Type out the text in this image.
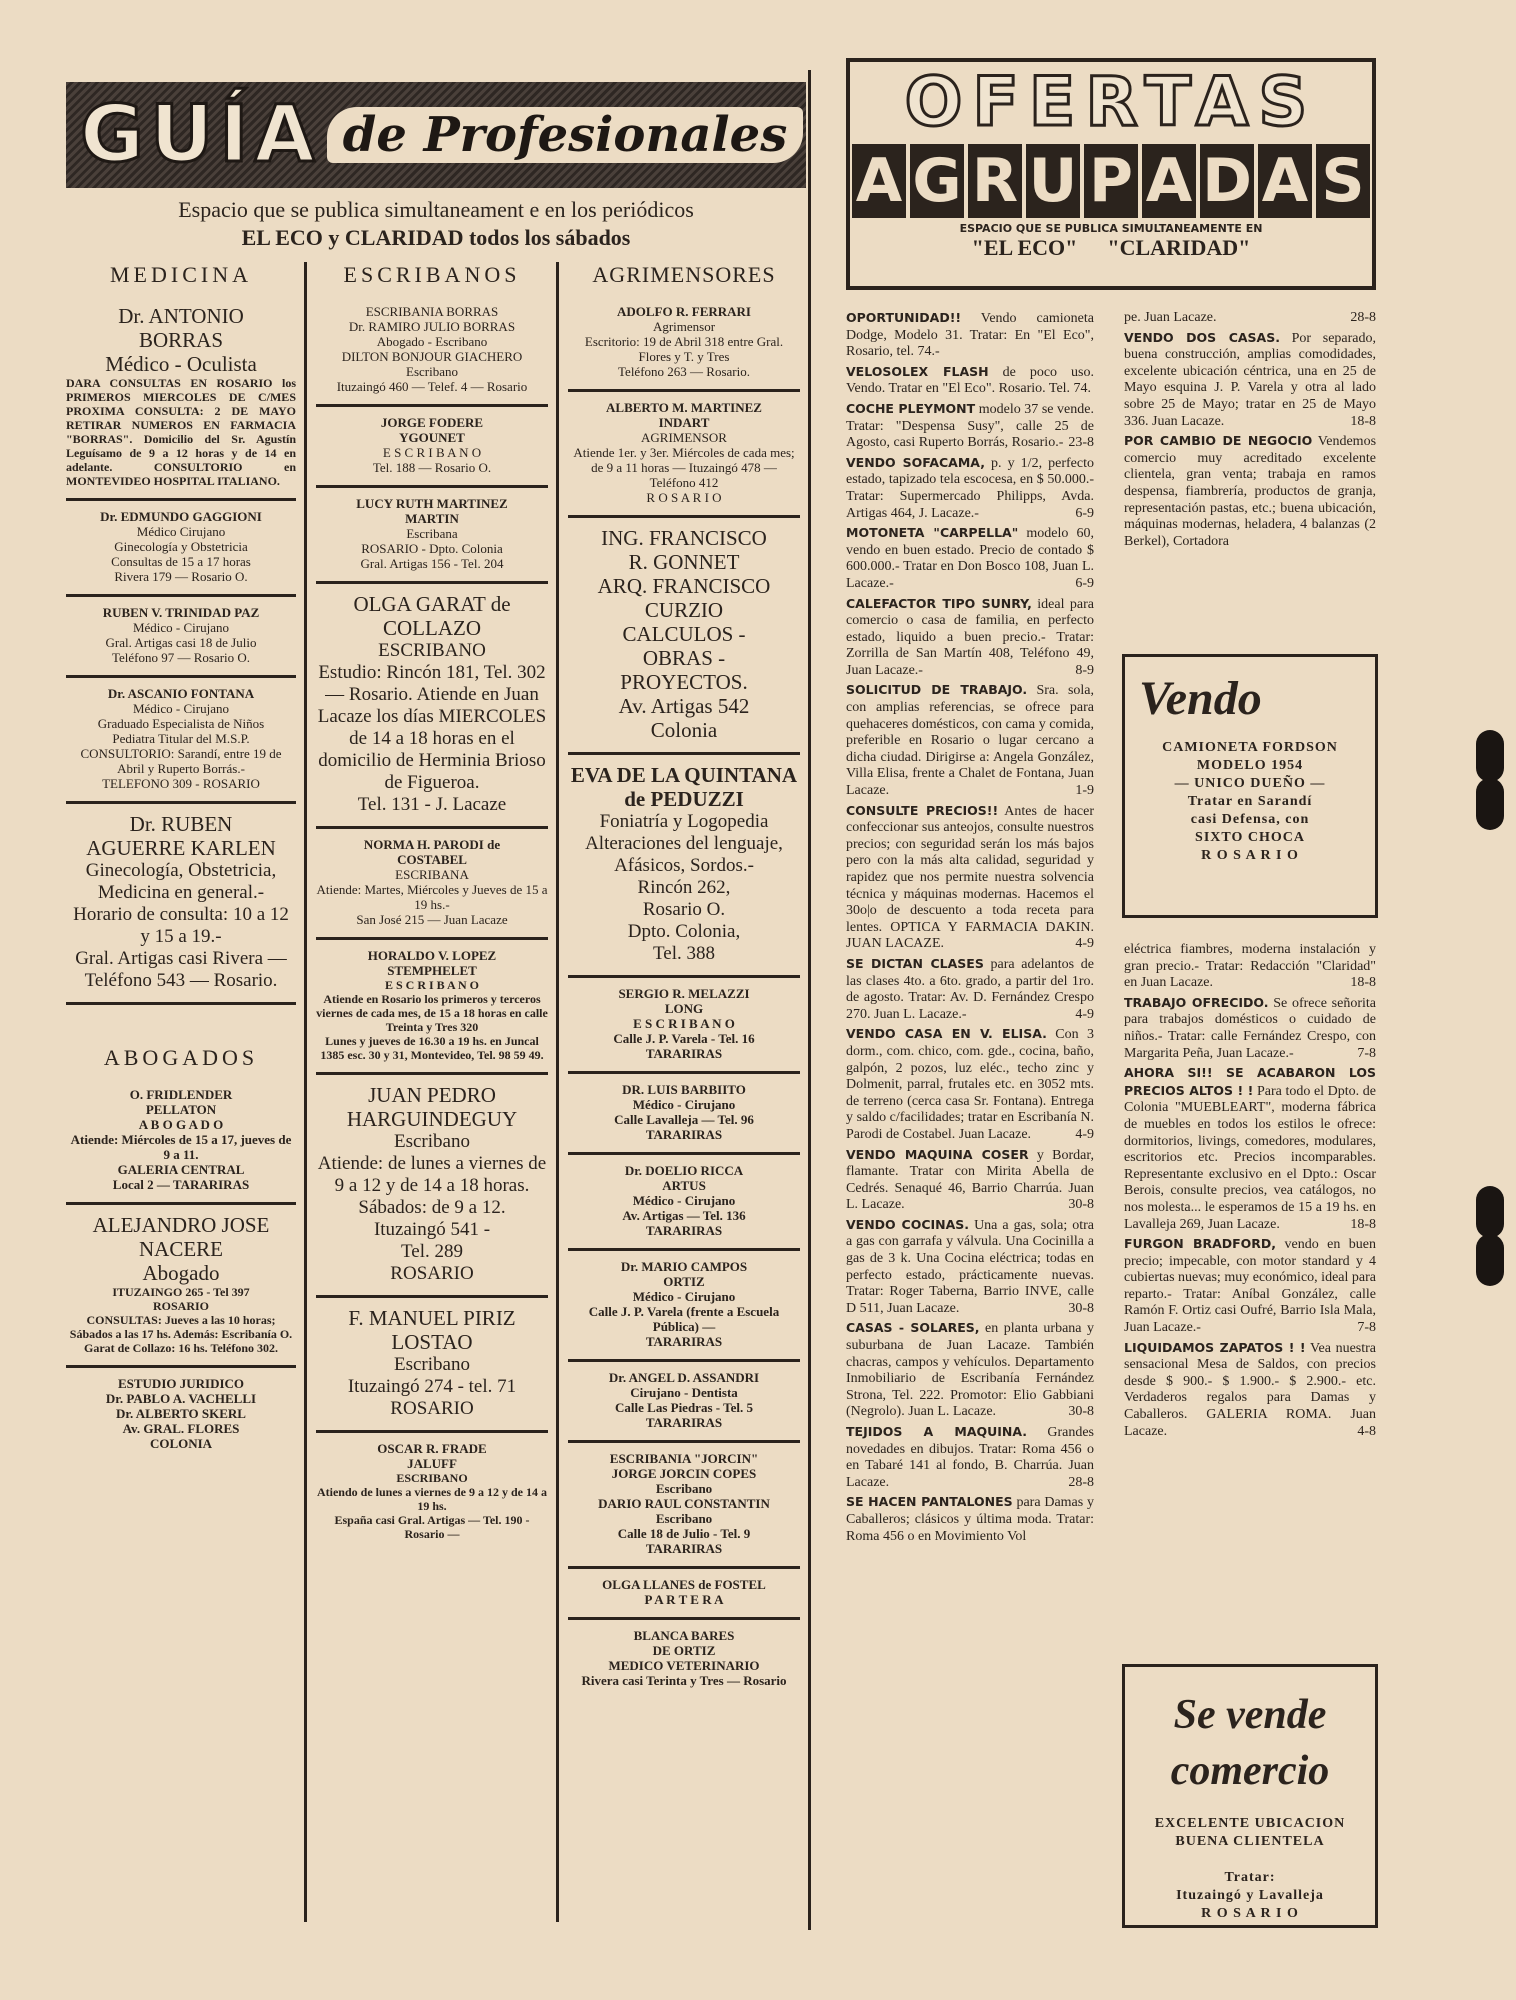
GUÍA de Profesionales
Espacio que se publica simultaneament e en los periódicos
EL ECO y CLARIDAD todos los sábados
MEDICINA

Dr. ANTONIO
BORRAS

Médico - Oculista

DARA CONSULTAS EN ROSARIO los PRIMEROS MIERCOLES DE C/MES PROXIMA CONSULTA: 2 DE MAYO RETIRAR NUMEROS EN FARMACIA "BORRAS". Domicilio del Sr. Agustín Leguísamo de 9 a 12 horas y de 14 en adelante. CONSULTORIO en MONTEVIDEO HOSPITAL ITALIANO.

Dr. EDMUNDO GAGGIONI

Médico Cirujano
Ginecología y Obstetricia
Consultas de 15 a 17 horas
Rivera 179 — Rosario O.

RUBEN V. TRINIDAD PAZ

Médico - Cirujano
Gral. Artigas casi 18 de Julio
Teléfono 97 — Rosario O.

Dr. ASCANIO FONTANA

Médico - Cirujano
Graduado Especialista de Niños
Pediatra Titular del M.S.P.
CONSULTORIO: Sarandí, entre 19 de Abril y Ruperto Borrás.-
TELEFONO 309 - ROSARIO

Dr. RUBEN
AGUERRE KARLEN

Ginecología, Obstetricia, Medicina en general.-
Horario de consulta: 10 a 12 y 15 a 19.-
Gral. Artigas casi Rivera — Teléfono 543 — Rosario.

ABOGADOS

O. FRIDLENDER
PELLATON

A B O G A D O
Atiende: Miércoles de 15 a 17, jueves de 9 a 11.
GALERIA CENTRAL
Local 2 — TARARIRAS

ALEJANDRO JOSE
NACERE

Abogado

ITUZAINGO 265 - Tel 397
ROSARIO
CONSULTAS: Jueves a las 10 horas; Sábados a las 17 hs. Además: Escribanía O. Garat de Collazo: 16 hs. Teléfono 302.

ESTUDIO JURIDICO

Dr. PABLO A. VACHELLI
Dr. ALBERTO SKERL
Av. GRAL. FLORES
COLONIA

ESCRIBANOS

ESCRIBANIA BORRAS

Dr. RAMIRO JULIO BORRAS
Abogado - Escribano
DILTON BONJOUR GIACHERO
Escribano
Ituzaingó 460 — Telef. 4 — Rosario

JORGE FODERE
YGOUNET

E S C R I B A N O
Tel. 188 — Rosario O.

LUCY RUTH MARTINEZ
MARTIN

Escribana
ROSARIO - Dpto. Colonia
Gral. Artigas 156 - Tel. 204

OLGA GARAT de
COLLAZO

ESCRIBANO

Estudio: Rincón 181, Tel. 302 — Rosario. Atiende en Juan Lacaze los días MIERCOLES de 14 a 18 horas en el domicilio de Herminia Brioso de Figueroa.
Tel. 131 - J. Lacaze

NORMA H. PARODI de
COSTABEL

ESCRIBANA
Atiende: Martes, Miércoles y Jueves de 15 a 19 hs.-
San José 215 — Juan Lacaze

HORALDO V. LOPEZ
STEMPHELET

E S C R I B A N O
Atiende en Rosario los primeros y terceros viernes de cada mes, de 15 a 18 horas en calle Treinta y Tres 320
Lunes y jueves de 16.30 a 19 hs. en Juncal 1385 esc. 30 y 31, Montevideo, Tel. 98 59 49.

JUAN PEDRO
HARGUINDEGUY

Escribano

Atiende: de lunes a viernes de 9 a 12 y de 14 a 18 horas. Sábados: de 9 a 12.
Ituzaingó 541 -
Tel. 289
ROSARIO

F. MANUEL PIRIZ
LOSTAO

Escribano
Ituzaingó 274 - tel. 71
ROSARIO

OSCAR R. FRADE
JALUFF

ESCRIBANO
Atiendo de lunes a viernes de 9 a 12 y de 14 a 19 hs.
España casi Gral. Artigas — Tel. 190 - Rosario —

AGRIMENSORES

ADOLFO R. FERRARI

Agrimensor
Escritorio: 19 de Abril 318 entre Gral. Flores y T. y Tres
Teléfono 263 — Rosario.

ALBERTO M. MARTINEZ
INDART

AGRIMENSOR
Atiende 1er. y 3er. Miércoles de cada mes; de 9 a 11 horas — Ituzaingó 478 —
Teléfono 412
R O S A R I O

ING. FRANCISCO
R. GONNET
ARQ. FRANCISCO
CURZIO

CALCULOS -
OBRAS -
PROYECTOS.
Av. Artigas 542
Colonia

EVA DE LA QUINTANA de PEDUZZI

Foniatría y Logopedia
Alteraciones del lenguaje, Afásicos, Sordos.-
Rincón 262,
Rosario O.
Dpto. Colonia,
Tel. 388

SERGIO R. MELAZZI
LONG

E S C R I B A N O
Calle J. P. Varela - Tel. 16
TARARIRAS

DR. LUIS BARBIITO

Médico - Cirujano
Calle Lavalleja — Tel. 96
TARARIRAS

Dr. DOELIO RICCA
ARTUS

Médico - Cirujano
Av. Artigas — Tel. 136
TARARIRAS

Dr. MARIO CAMPOS
ORTIZ

Médico - Cirujano
Calle J. P. Varela (frente a Escuela Pública) —
TARARIRAS

Dr. ANGEL D. ASSANDRI

Cirujano - Dentista
Calle Las Piedras - Tel. 5
TARARIRAS

ESCRIBANIA "JORCIN"
JORGE JORCIN COPES

Escribano
DARIO RAUL CONSTANTIN
Escribano
Calle 18 de Julio - Tel. 9
TARARIRAS

OLGA LLANES de FOSTEL

P A R T E R A

BLANCA BARES
DE ORTIZ

MEDICO VETERINARIO
Rivera casi Terinta y Tres — Rosario

OFERTAS
A G R U P A D A S
ESPACIO QUE SE PUBLICA SIMULTANEAMENTE EN
"EL ECO" "CLARIDAD"

OPORTUNIDAD!! Vendo camioneta Dodge, Modelo 31. Tratar: En "El Eco", Rosario, tel. 74.-

VELOSOLEX FLASH de poco uso. Vendo. Tratar en "El Eco". Rosario. Tel. 74.

COCHE PLEYMONT modelo 37 se vende. Tratar: "Despensa Susy", calle 25 de Agosto, casi Ruperto Borrás, Rosario.- 23-8

VENDO SOFACAMA, p. y 1/2, perfecto estado, tapizado tela escocesa, en $ 50.000.- Tratar: Supermercado Philipps, Avda. Artigas 464, J. Lacaze.-	6-9

MOTONETA "CARPELLA" modelo 60, vendo en buen estado. Precio de contado $ 600.000.- Tratar en Don Bosco 108, Juan L. Lacaze.-	6-9

CALEFACTOR TIPO SUNRY, ideal para comercio o casa de familia, en perfecto estado, liquido a buen precio.- Tratar: Zorrilla de San Martín 408, Teléfono 49, Juan Lacaze.-	8-9

SOLICITUD DE TRABAJO. Sra. sola, con amplias referencias, se ofrece para quehaceres domésticos, con cama y comida, preferible en Rosario o lugar cercano a dicha ciudad. Dirigirse a: Angela González, Villa Elisa, frente a Chalet de Fontana, Juan Lacaze.	1-9

CONSULTE PRECIOS!! Antes de hacer confeccionar sus anteojos, consulte nuestros precios; con seguridad serán los más bajos pero con la más alta calidad, seguridad y rapidez que nos permite nuestra solvencia técnica y máquinas modernas. Hacemos el 30o|o de descuento a toda receta para lentes. OPTICA Y FARMACIA DAKIN. JUAN LACAZE.	4-9

SE DICTAN CLASES para adelantos de las clases 4to. a 6to. grado, a partir del 1ro. de agosto. Tratar: Av. D. Fernández Crespo 270. Juan L. Lacaze.-	4-9

VENDO CASA EN V. ELISA. Con 3 dorm., com. chico, com. gde., cocina, baño, galpón, 2 pozos, luz eléc., techo zinc y Dolmenit, parral, frutales etc. en 3052 mts. de terreno (cerca casa Sr. Fontana). Entrega y saldo c/facilidades; tratar en Escribanía N. Parodi de Costabel. Juan Lacaze.	4-9

VENDO MAQUINA COSER y Bordar, flamante. Tratar con Mirita Abella de Cedrés. Senaqué 46, Barrio Charrúa. Juan L. Lacaze.	30-8

VENDO COCINAS. Una a gas, sola; otra a gas con garrafa y válvula. Una Cocinilla a gas de 3 k. Una Cocina eléctrica; todas en perfecto estado, prácticamente nuevas. Tratar: Roger Taberna, Barrio INVE, calle D 511, Juan Lacaze.	30-8

CASAS - SOLARES, en planta urbana y suburbana de Juan Lacaze. También chacras, campos y vehículos. Departamento Inmobiliario de Escribanía Fernández Strona, Tel. 222. Promotor: Elio Gabbiani (Negrolo). Juan L. Lacaze.	30-8

TEJIDOS A MAQUINA. Grandes novedades en dibujos. Tratar: Roma 456 o en Tabaré 141 al fondo, B. Charrúa. Juan Lacaze.	28-8

SE HACEN PANTALONES para Damas y Caballeros; clásicos y última moda. Tratar: Roma 456 o en Movimiento Vol

pe. Juan Lacaze.	28-8

VENDO DOS CASAS. Por separado, buena construcción, amplias comodidades, excelente ubicación céntrica, una en 25 de Mayo esquina J. P. Varela y otra al lado sobre 25 de Mayo; tratar en 25 de Mayo 336. Juan Lacaze.	18-8

POR CAMBIO DE NEGOCIO Vendemos comercio muy acreditado excelente clientela, gran venta; trabaja en ramos despensa, fiambrería, productos de granja, representación pastas, etc.; buena ubicación, máquinas modernas, heladera, 4 balanzas (2 Berkel), Cortadora

Vendo
CAMIONETA FORDSON
MODELO 1954
— UNICO DUEÑO —
Tratar en Sarandí
casi Defensa, con
SIXTO CHOCA
R O S A R I O

eléctrica fiambres, moderna instalación y gran precio.- Tratar: Redacción "Claridad" en Juan Lacaze.	18-8

TRABAJO OFRECIDO. Se ofrece señorita para trabajos domésticos o cuidado de niños.- Tratar: calle Fernández Crespo, con Margarita Peña, Juan Lacaze.-	7-8

AHORA SI!! SE ACABARON LOS PRECIOS ALTOS ! ! Para todo el Dpto. de Colonia "MUEBLEART", moderna fábrica de muebles en todos los estilos le ofrece: dormitorios, livings, comedores, modulares, escritorios etc. Precios incomparables. Representante exclusivo en el Dpto.: Oscar Berois, consulte precios, vea catálogos, no nos molesta... le esperamos de 15 a 19 hs. en Lavalleja 269, Juan Lacaze.	18-8

FURGON BRADFORD, vendo en buen precio; impecable, con motor standard y 4 cubiertas nuevas; muy económico, ideal para reparto.- Tratar: Aníbal González, calle Ramón F. Ortiz casi Oufré, Barrio Isla Mala, Juan Lacaze.-	7-8

LIQUIDAMOS ZAPATOS ! ! Vea nuestra sensacional Mesa de Saldos, con precios desde $ 900.- $ 1.900.- $ 2.900.- etc. Verdaderos regalos para Damas y Caballeros. GALERIA ROMA. Juan Lacaze.	4-8

Se vende
comercio
EXCELENTE UBICACION
BUENA CLIENTELA

Tratar:
Ituzaingó y Lavalleja
R O S A R I O
